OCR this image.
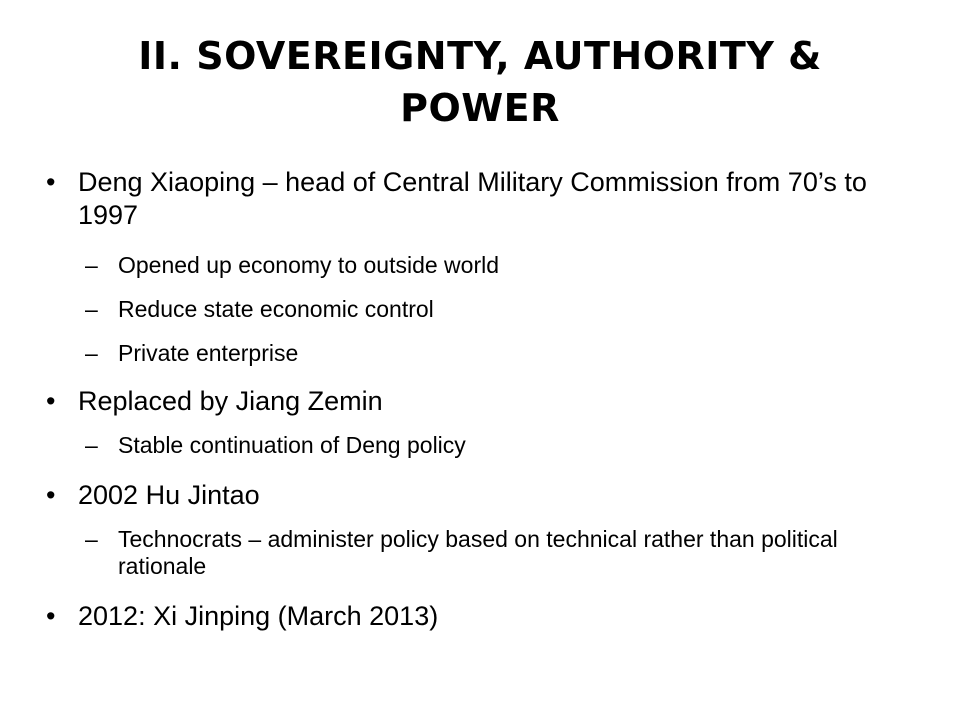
II. SOVEREIGNTY, AUTHORITY & POWER
• Deng Xiaoping – head of Central Military Commission from 70’s to 1997
– Opened up economy to outside world
– Reduce state economic control
– Private enterprise
• Replaced by Jiang Zemin
– Stable continuation of Deng policy
• 2002 Hu Jintao
– Technocrats – administer policy based on technical rather than political rationale
• 2012: Xi Jinping (March 2013)
